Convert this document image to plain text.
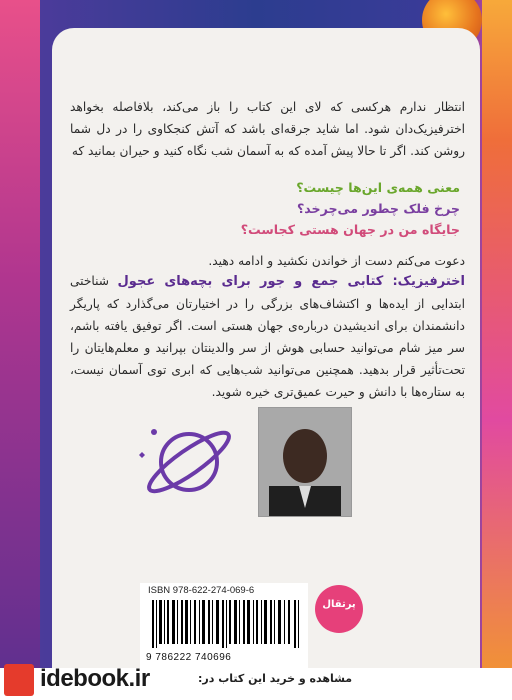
انتظار ندارم هرکسی که لای این کتاب را باز می‌کند، بلافاصله بخواهد اخترفیزیک‌دان شود. اما شاید جرقه‌ای باشد که آتش کنجکاوی را در دل شما روشن کند. اگر تا حالا پیش آمده که به آسمان شب نگاه کنید و حیران بمانید که
معنی همه‌ی این‌ها چیست؟
چرخ فلک چطور می‌چرخد؟
جایگاه من در جهان هستی کجاست؟
دعوت می‌کنم دست از خواندن نکشید و ادامه دهید.
اخترفیزیک: کتابی جمع و جور برای بچه‌های عجول شناختی ابتدایی از ایده‌ها و اکتشاف‌های بزرگی را در اختیارتان می‌گذارد که پاریگر دانشمندان برای اندیشیدن درباره‌ی جهان هستی است. اگر توفیق یافته باشم، سر میز شام می‌توانید حسابی هوش از سر والدینتان بپرانید و معلم‌هایتان را تحت‌تأثیر قرار بدهید. همچنین می‌توانید شب‌هایی که ابری توی آسمان نیست، به ستاره‌ها با دانش و حیرت عمیق‌تری خیره شوید.
ISBN 978-622-274-069-6
9 786222 740696
پرتقال
idebook.ir	مشاهده و خرید این کتاب در:
